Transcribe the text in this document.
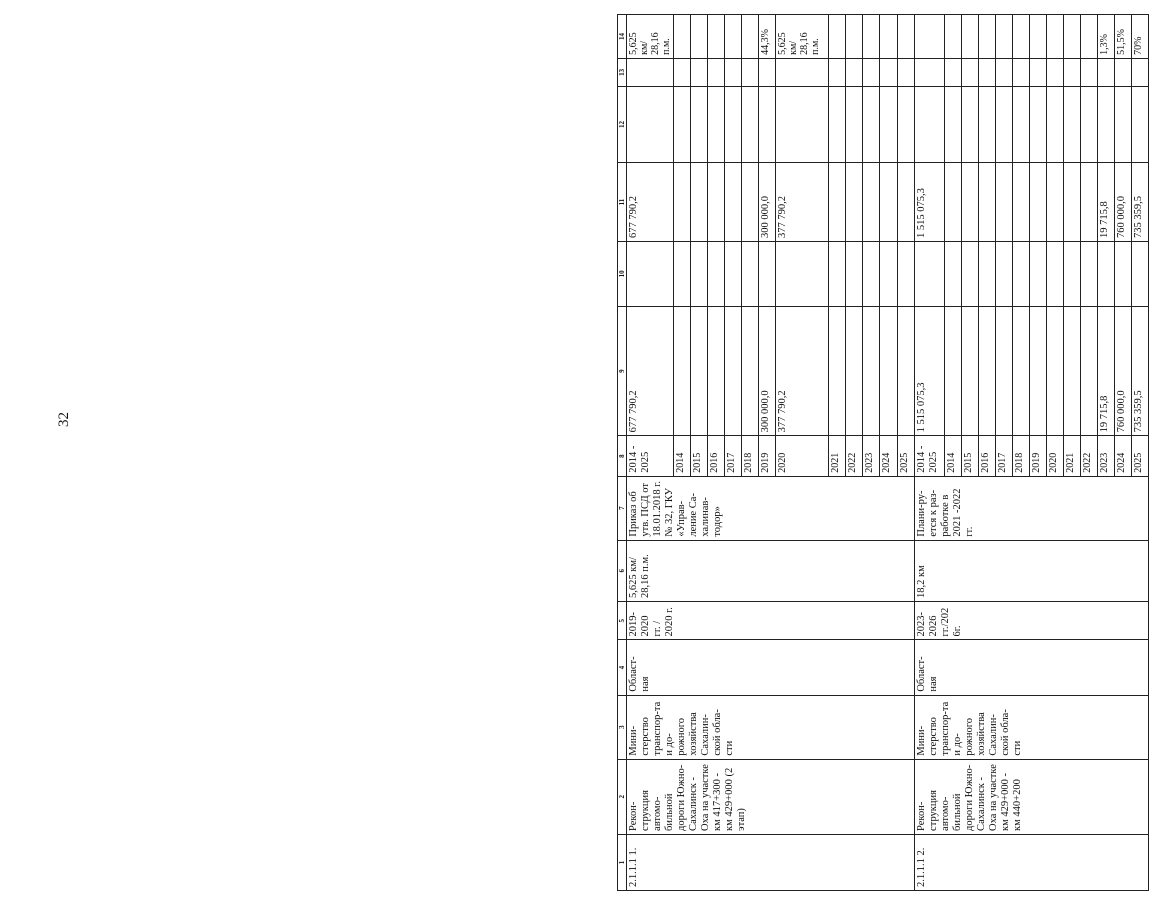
32
1	2	3	4	5	6	7	8	9	10	11	12	13	14
2.1.1.1 1.	Рекон-струкция автомо-бильной дороги Южно-Сахалинск - Оха на участке км 417+300 - км 429+000 (2 этап)	Мини-стерство транспор-та и до-рожного хозяйства Сахалин-ской обла-сти	Област-ная	2019-2020 гг. / 2020 г.	5,625 км/ 28,16 п.м.	Приказ об утв. ПСД от 18.01.2018 г. № 32, ГКУ «Управ-ление Са-халинав-тодор»	2014 - 2025	677 790,2		677 790,2			5,625 км/ 28,16 п.м.
							2014						
							2015						
							2016						
							2017						
							2018						
							2019	300 000,0		300 000,0			44,3%
							2020	377 790,2		377 790,2			5,625 км/ 28,16 п.м.
							2021						
							2022						
							2023						
							2024						
							2025						
2.1.1.1 2.	Рекон-струкция автомо-бильной дороги Южно-Сахалинск - Оха на участке км 429+000 - км 440+200	Мини-стерство транспор-та и до-рожного хозяйства Сахалин-ской обла-сти	Област-ная	2023-2026 гг./202 6г.	18,2 км	Плани-ру-ется к раз-работке в 2021 -2022 гг.	2014 - 2025	1 515 075,3		1 515 075,3			
							2014						
							2015						
							2016						
							2017						
							2018						
							2019						
							2020						
							2021						
							2022						
							2023	19 715,8		19 715,8			1,3%
							2024	760 000,0		760 000,0			51,5%
							2025	735 359,5		735 359,5			70%
